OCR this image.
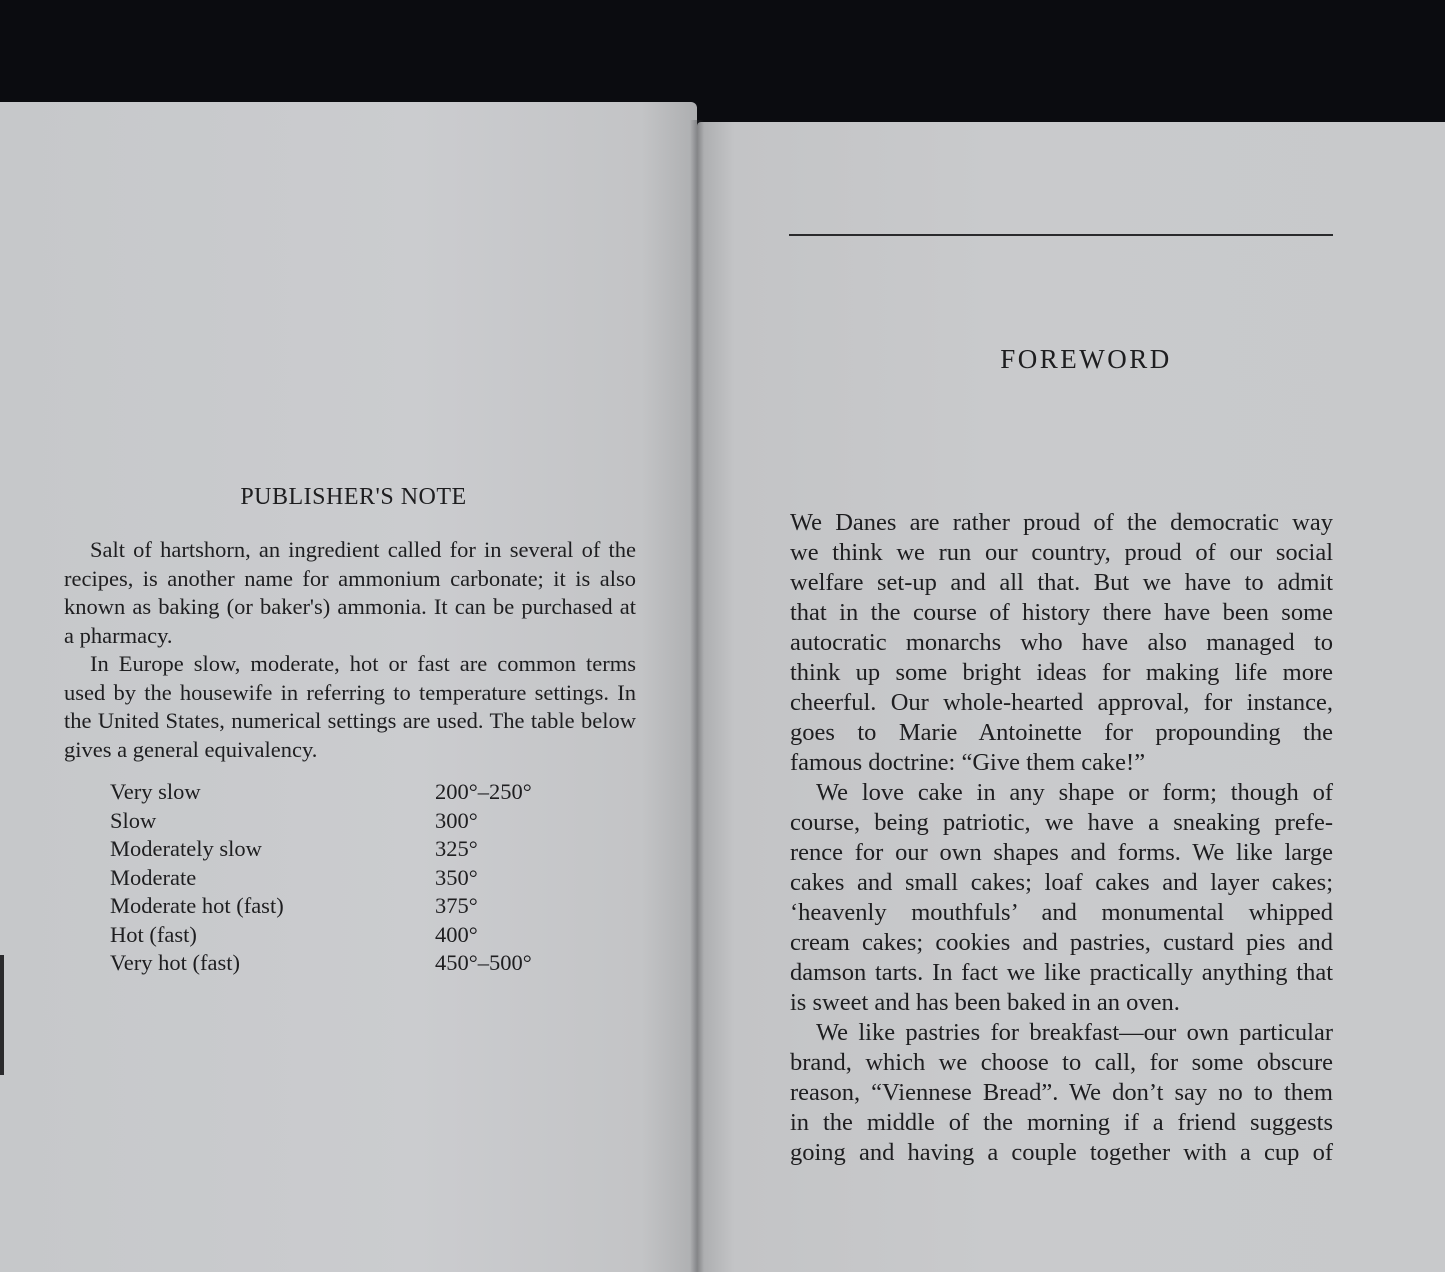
PUBLISHER'S NOTE

Salt of hartshorn, an ingredient called for in several of the recipes, is another name for ammonium carbonate; it is also known as baking (or baker's) ammonia. It can be purchased at a pharmacy.

In Europe slow, moderate, hot or fast are common terms used by the housewife in referring to temperature settings. In the United States, numerical settings are used. The table below gives a general equivalency.

Very slow	200°–250°
Slow	300°
Moderately slow	325°
Moderate	350°
Moderate hot (fast)	375°
Hot (fast)	400°
Very hot (fast)	450°–500°
FOREWORD
We Danes are rather proud of the democratic way
we think we run our country, proud of our social
welfare set-up and all that. But we have to admit
that in the course of history there have been some
autocratic monarchs who have also managed to
think up some bright ideas for making life more
cheerful. Our whole-hearted approval, for instance,
goes to Marie Antoinette for propounding the
famous doctrine: “Give them cake!”
We love cake in any shape or form; though of
course, being patriotic, we have a sneaking prefe-
rence for our own shapes and forms. We like large
cakes and small cakes; loaf cakes and layer cakes;
‘heavenly mouthfuls’ and monumental whipped
cream cakes; cookies and pastries, custard pies and
damson tarts. In fact we like practically anything that
is sweet and has been baked in an oven.
We like pastries for breakfast—our own particular
brand, which we choose to call, for some obscure
reason, “Viennese Bread”. We don’t say no to them
in the middle of the morning if a friend suggests
going and having a couple together with a cup of
